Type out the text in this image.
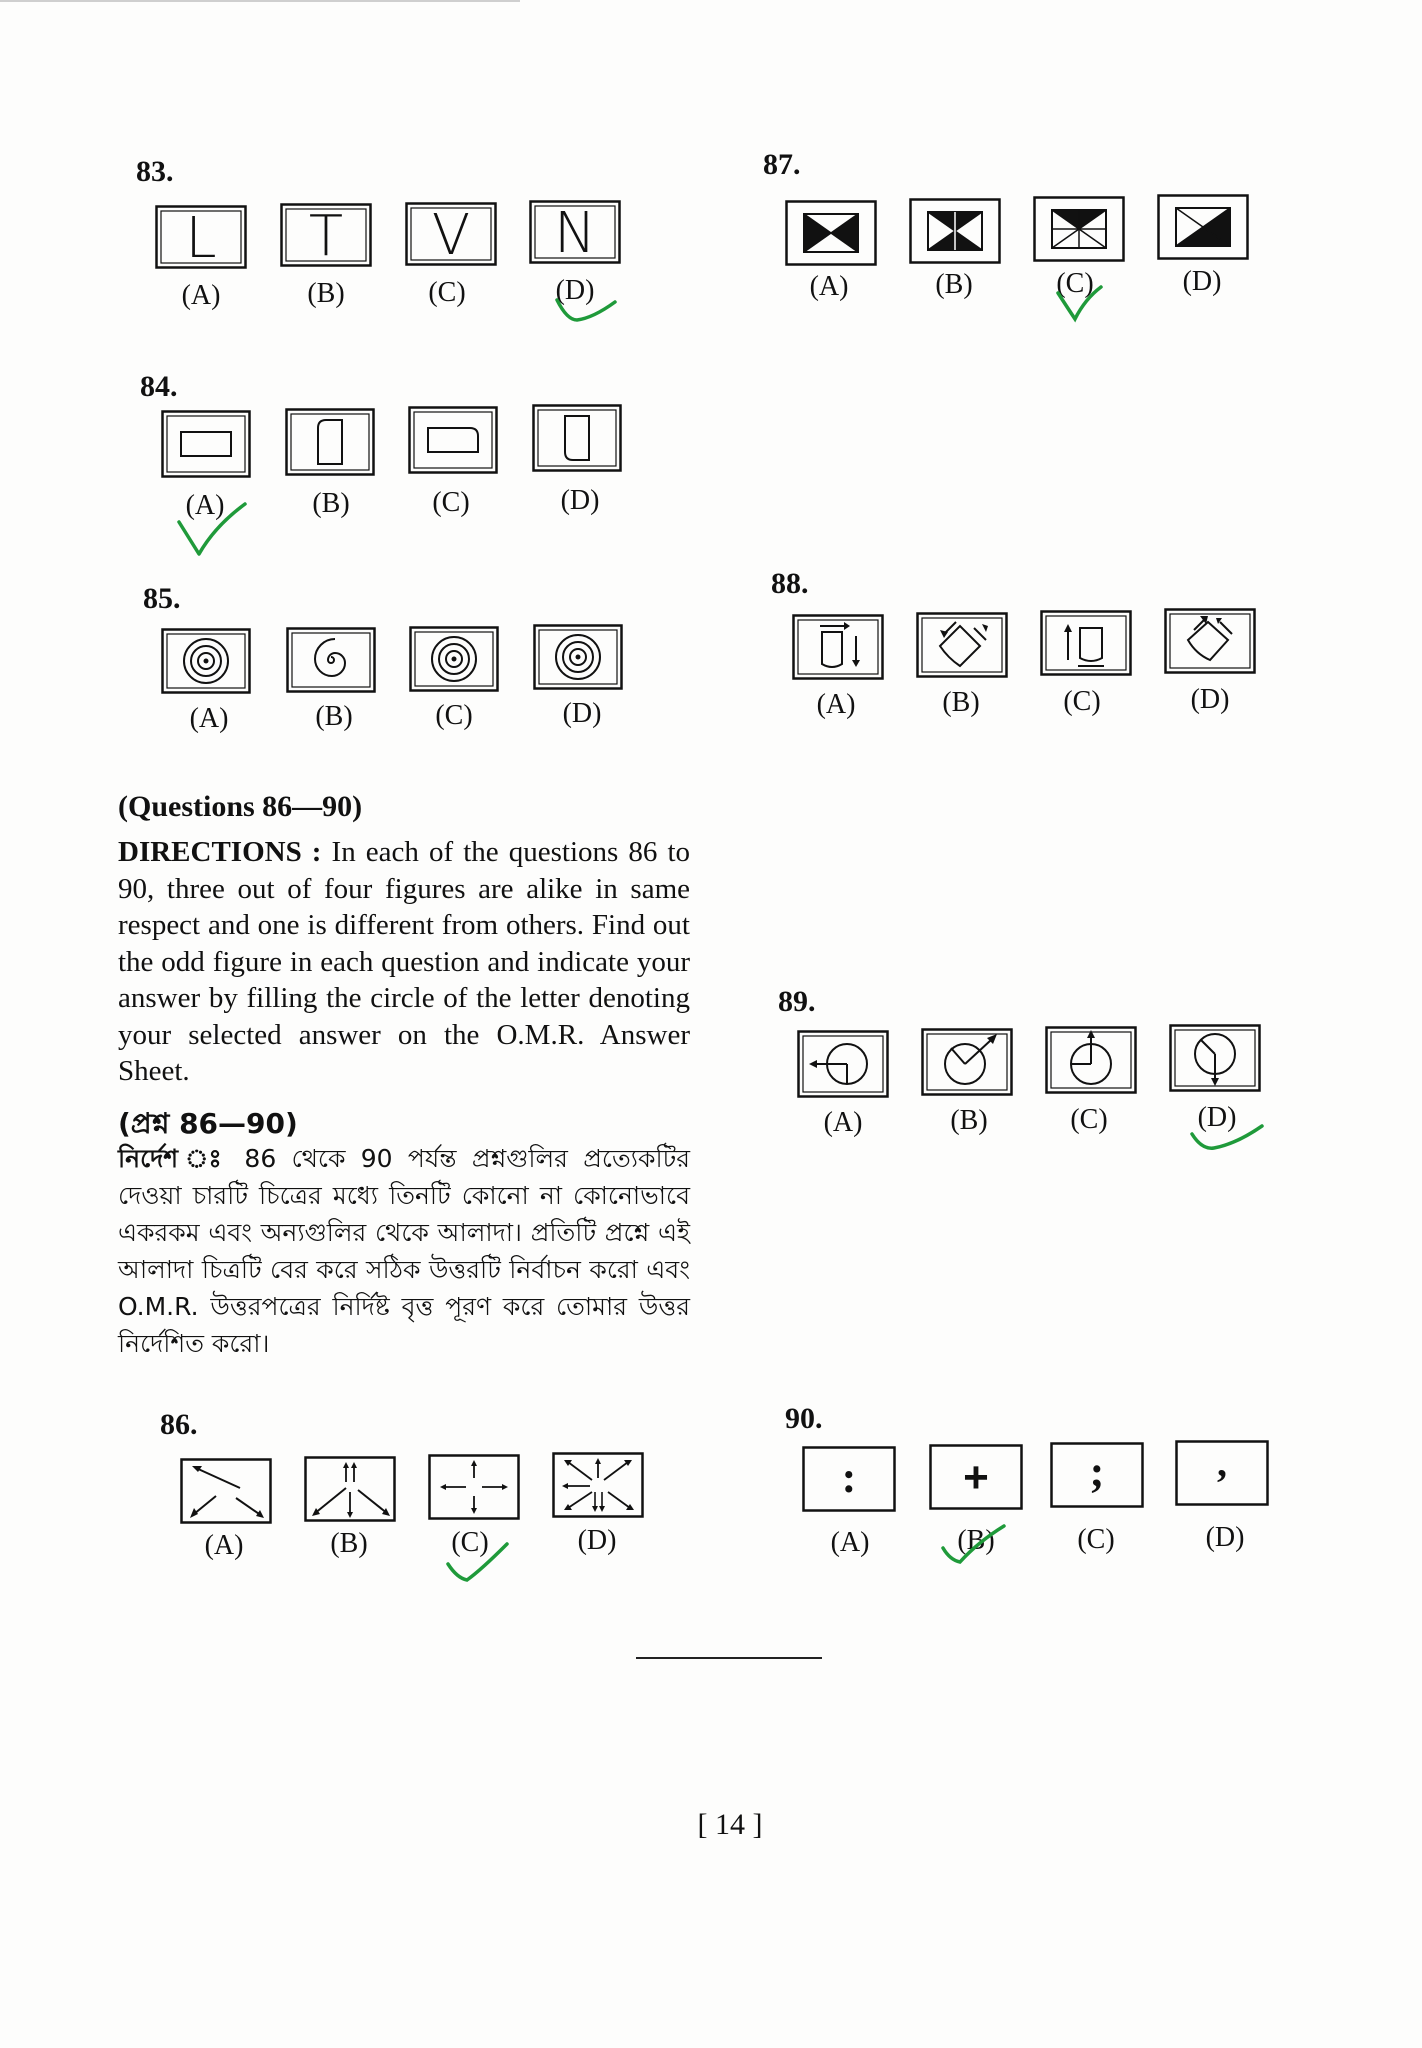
83.
L T V N
(A)	(B)	(C)	(D)
84.
(A)	(B)	(C)	(D)
85.
(A)	(B)	(C)	(D)
87.
(A)	(B)	(C)	(D)
88.
(A)	(B)	(C)	(D)
(Questions 86—90)

DIRECTIONS : In each of the questions 86 to 90, three out of four figures are alike in same respect and one is different from others. Find out the odd figure in each question and indicate your answer by filling the circle of the letter denoting your selected answer on the O.M.R. Answer Sheet.

(প্রশ্ন 86—90)
নির্দেশ ঃ 86 থেকে 90 পর্যন্ত প্রশ্নগুলির প্রত্যেকটির দেওয়া চারটি চিত্রের মধ্যে তিনটি কোনো না কোনোভাবে একরকম এবং অন্যগুলির থেকে আলাদা। প্রতিটি প্রশ্নে এই আলাদা চিত্রটি বের করে সঠিক উত্তরটি নির্বাচন করো এবং O.M.R. উত্তরপত্রের নির্দিষ্ট বৃত্ত পূরণ করে তোমার উত্তর নির্দেশিত করো।
89.
(A)	(B)	(C)	(D)
86.
(A)	(B)	(C)	(D)
90.
: + ;	,
(A)	(B)	(C)	(D)
[ 14 ]
